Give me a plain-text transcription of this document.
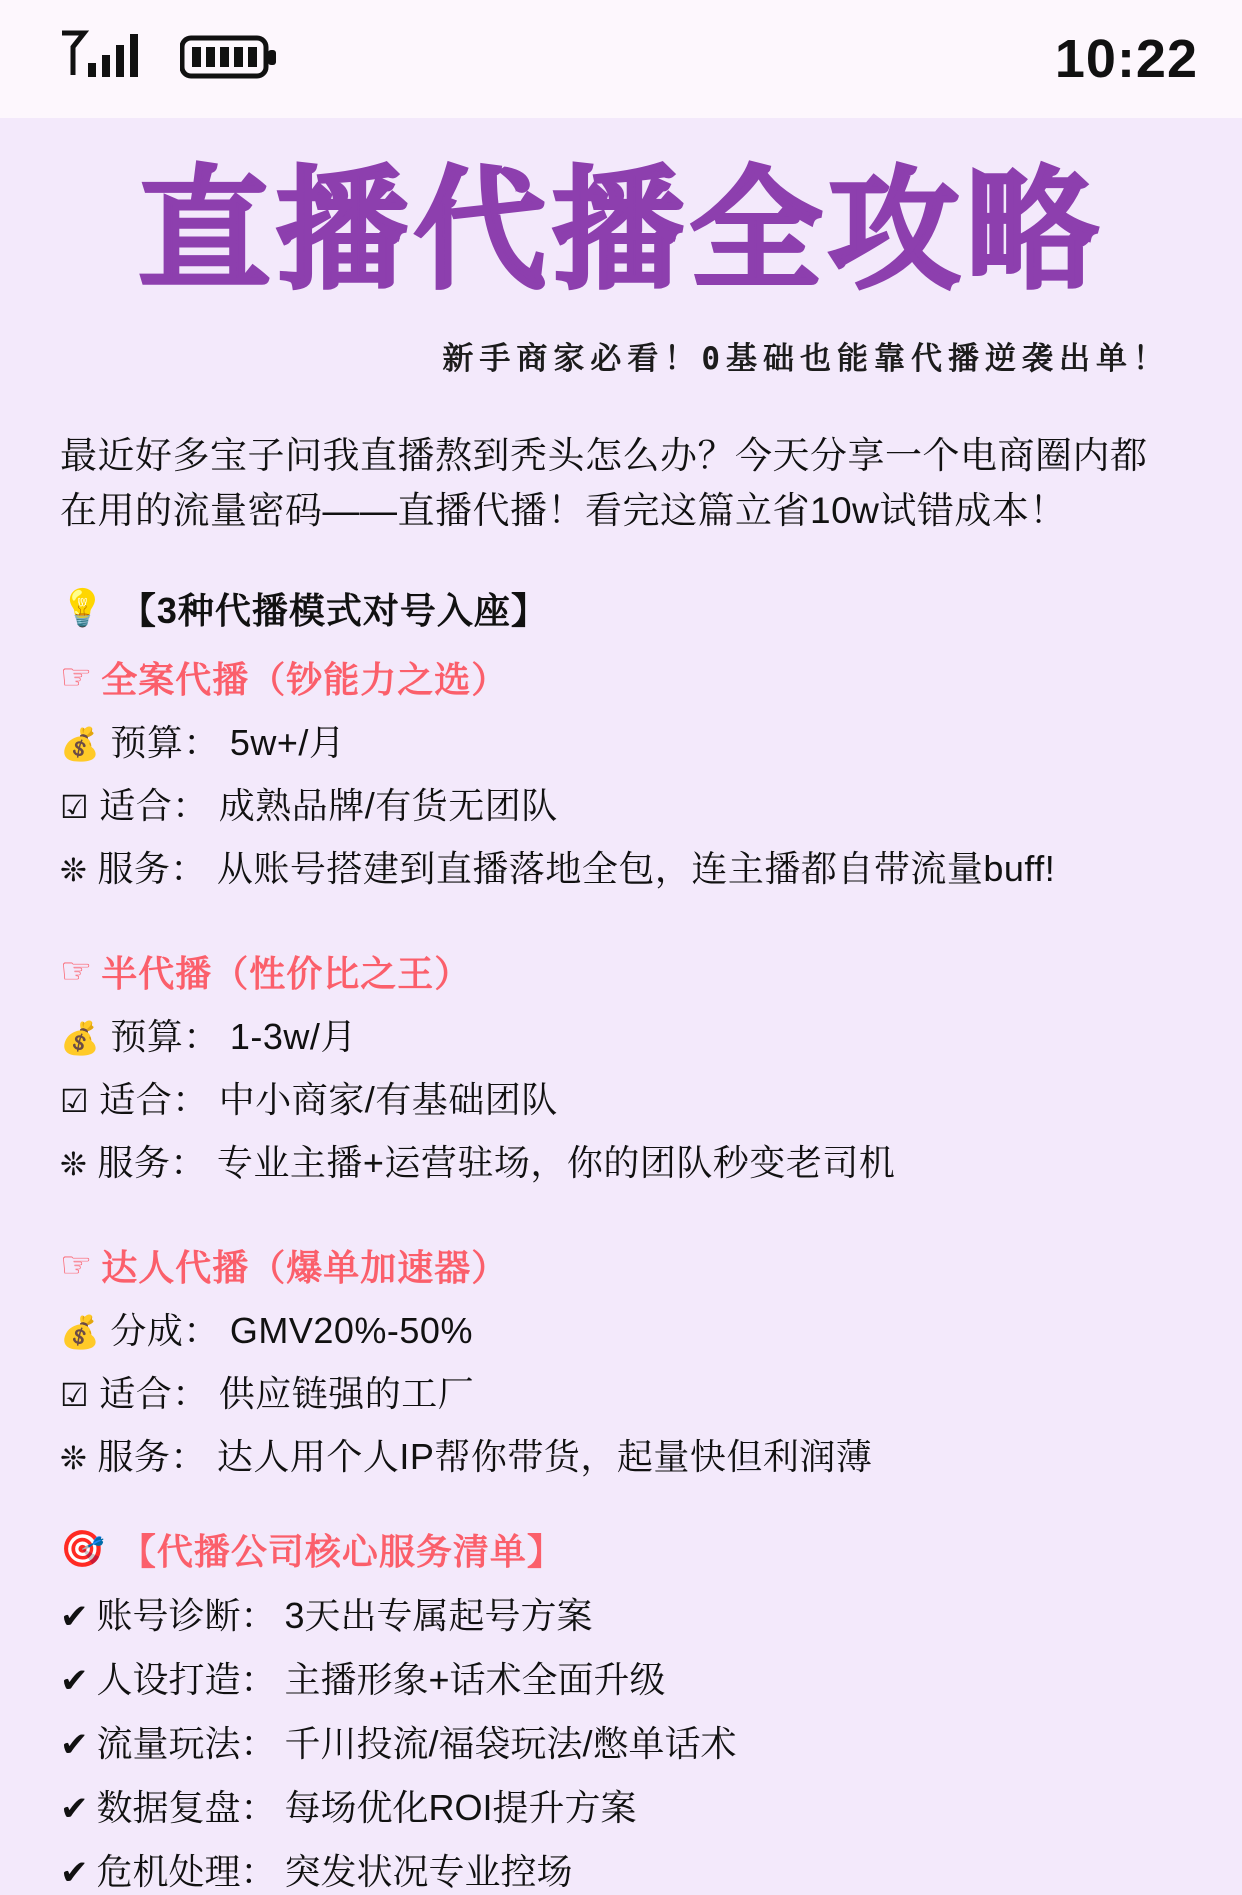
10:22
直播代播全攻略
新手商家必看！0基础也能靠代播逆袭出单！

最近好多宝子问我直播熬到秃头怎么办？今天分享一个电商圈内都在用的流量密码——直播代播！看完这篇立省10w试错成本！

💡 【3种代播模式对号入座】
☞ 全案代播（钞能力之选）
💰 预算： 5w+/月
☑ 适合： 成熟品牌/有货无团队
❊ 服务： 从账号搭建到直播落地全包，连主播都自带流量buff!
☞ 半代播（性价比之王）
💰 预算： 1-3w/月
☑ 适合： 中小商家/有基础团队
❊ 服务： 专业主播+运营驻场，你的团队秒变老司机
☞ 达人代播（爆单加速器）
💰 分成： GMV20%-50%
☑ 适合： 供应链强的工厂
❊ 服务： 达人用个人IP帮你带货，起量快但利润薄
🎯 【代播公司核心服务清单】
✔ 账号诊断： 3天出专属起号方案
✔ 人设打造： 主播形象+话术全面升级
✔ 流量玩法： 千川投流/福袋玩法/憋单话术
✔ 数据复盘： 每场优化ROI提升方案
✔ 危机处理： 突发状况专业控场
